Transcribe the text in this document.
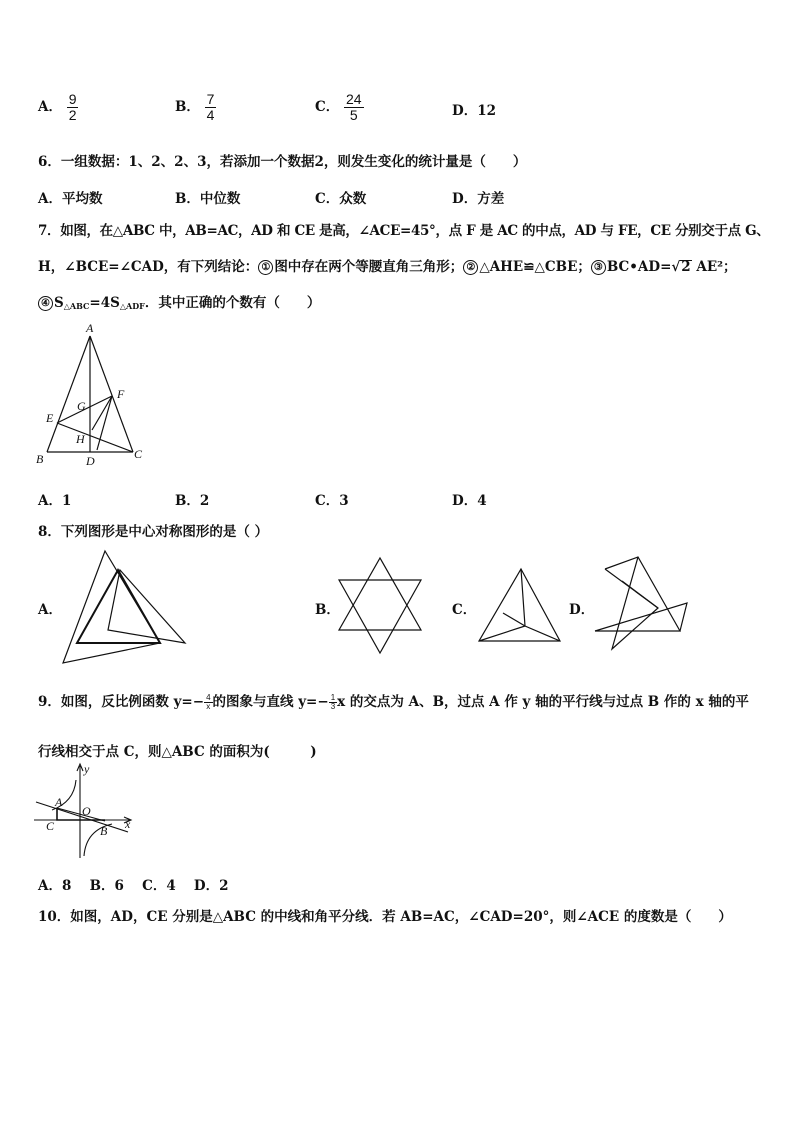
A． $\frac{9}{2}$	B． $\frac{7}{4}$	C． $\frac{24}{5}$	D．12
6．一组数据：1、2、2、3，若添加一个数据2，则发生变化的统计量是（　　）
A．平均数	B．中位数	C．众数	D．方差
7．如图，在△ABC 中，AB=AC，AD 和 CE 是高，∠ACE=45°，点 F 是 AC 的中点，AD 与 FE，CE 分别交于点 G、
H，∠BCE=∠CAD，有下列结论： ① 图中存在两个等腰直角三角形； ② △AHE≌△CBE； ③ BC•AD=√2 AE²；
④ $S_{\triangle ABC}=4S_{\triangle ADF}$．其中正确的个数有（　　）
A
B	C
D
E
F
G
H
A．1	B．2	C．3	D．4
8．下列图形是中心对称图形的是（ ）
A．	B．	C．	D．
9．如图，反比例函数 $y=- \frac{4}{x}$ 的图象与直线 $y=- \frac{1}{3}$ x 的交点为 A、B，过点 A 作 y 轴的平行线与过点 B 作的 x 轴的平
行线相交于点 C，则△ABC 的面积为(　　　)
y
x
A
O
C	B
A．8　 B．6　 C．4　 D．2
10．如图，AD，CE 分别是△ABC 的中线和角平分线．若 AB=AC，∠CAD=20°，则∠ACE 的度数是（　　）
